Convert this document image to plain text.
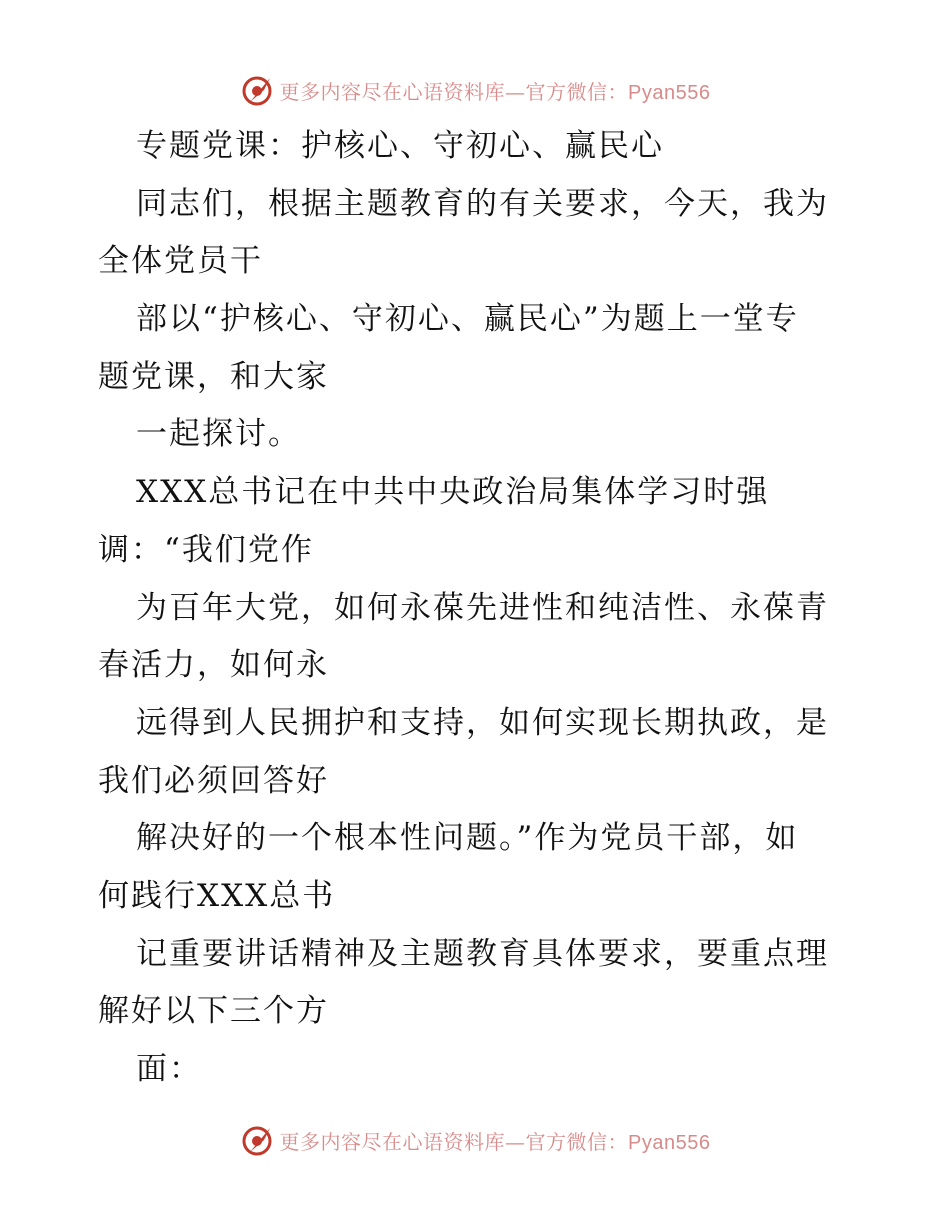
更多内容尽在心语资料库—官方微信：Pyan556
专题党课：护核心、守初心、赢民心
同志们，根据主题教育的有关要求，今天，我为
全体党员干
部以“护核心、守初心、赢民心”为题上一堂专
题党课，和大家
一起探讨。
XXX总书记在中共中央政治局集体学习时强
调：“我们党作
为百年大党，如何永葆先进性和纯洁性、永葆青
春活力，如何永
远得到人民拥护和支持，如何实现长期执政，是
我们必须回答好
解决好的一个根本性问题。”作为党员干部，如
何践行XXX总书
记重要讲话精神及主题教育具体要求，要重点理
解好以下三个方
面：
更多内容尽在心语资料库—官方微信：Pyan556
